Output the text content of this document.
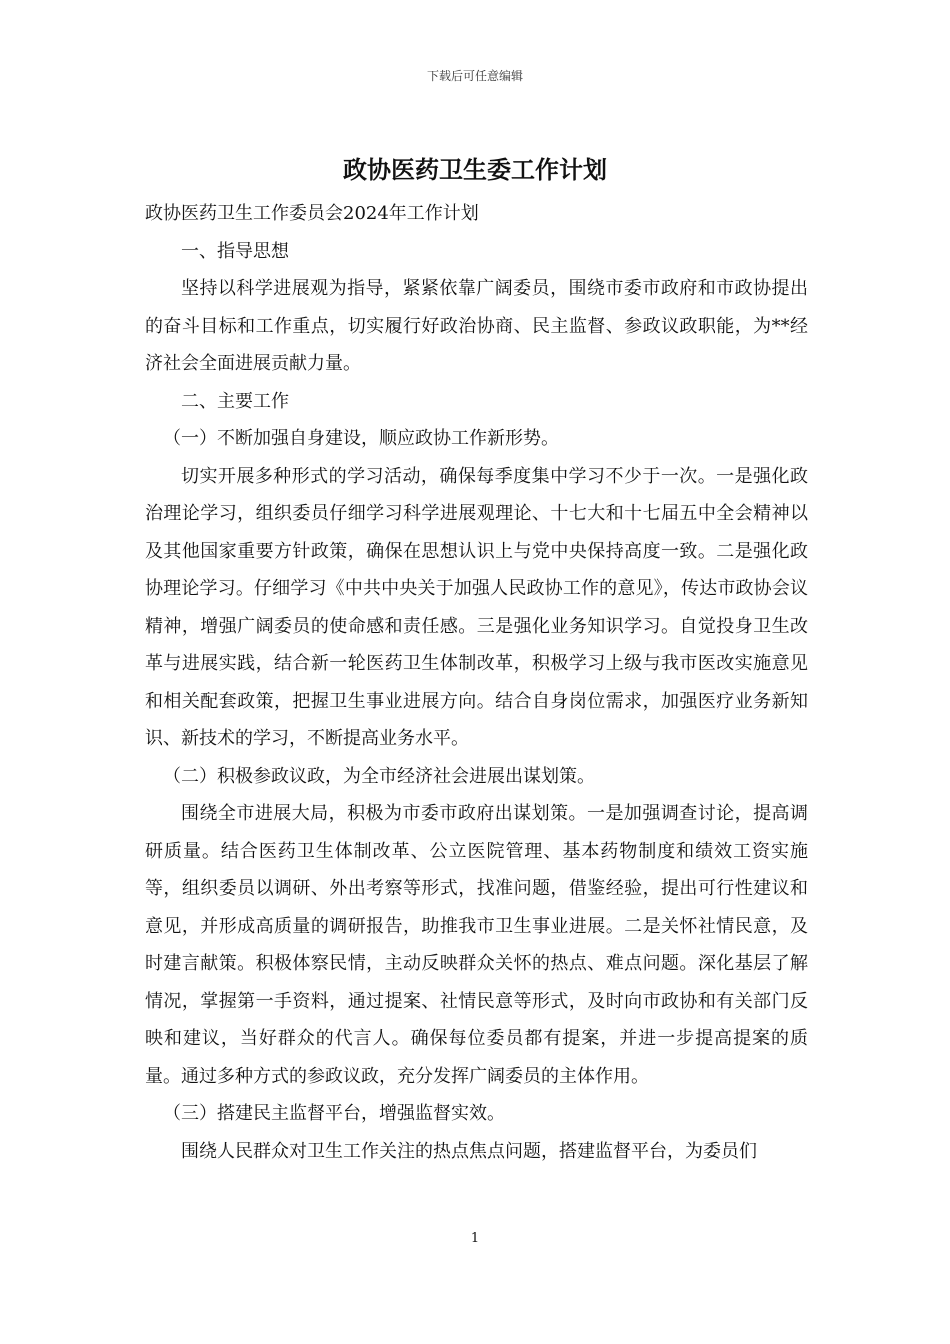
下载后可任意编辑
政协医药卫生委工作计划

政协医药卫生工作委员会2024年工作计划

一、指导思想

坚持以科学进展观为指导，紧紧依靠广阔委员，围绕市委市政府和市政协提出的奋斗目标和工作重点，切实履行好政治协商、民主监督、参政议政职能，为**经济社会全面进展贡献力量。

二、主要工作

（一）不断加强自身建设，顺应政协工作新形势。

切实开展多种形式的学习活动，确保每季度集中学习不少于一次。一是强化政治理论学习，组织委员仔细学习科学进展观理论、十七大和十七届五中全会精神以及其他国家重要方针政策，确保在思想认识上与党中央保持高度一致。二是强化政协理论学习。仔细学习《中共中央关于加强人民政协工作的意见》，传达市政协会议精神，增强广阔委员的使命感和责任感。三是强化业务知识学习。自觉投身卫生改革与进展实践，结合新一轮医药卫生体制改革，积极学习上级与我市医改实施意见和相关配套政策，把握卫生事业进展方向。结合自身岗位需求，加强医疗业务新知识、新技术的学习，不断提高业务水平。

（二）积极参政议政，为全市经济社会进展出谋划策。

围绕全市进展大局，积极为市委市政府出谋划策。一是加强调查讨论，提高调研质量。结合医药卫生体制改革、公立医院管理、基本药物制度和绩效工资实施等，组织委员以调研、外出考察等形式，找准问题，借鉴经验，提出可行性建议和意见，并形成高质量的调研报告，助推我市卫生事业进展。二是关怀社情民意，及时建言献策。积极体察民情，主动反映群众关怀的热点、难点问题。深化基层了解情况，掌握第一手资料，通过提案、社情民意等形式，及时向市政协和有关部门反映和建议，当好群众的代言人。确保每位委员都有提案，并进一步提高提案的质量。通过多种方式的参政议政，充分发挥广阔委员的主体作用。

（三）搭建民主监督平台，增强监督实效。

围绕人民群众对卫生工作关注的热点焦点问题，搭建监督平台，为委员们

1
